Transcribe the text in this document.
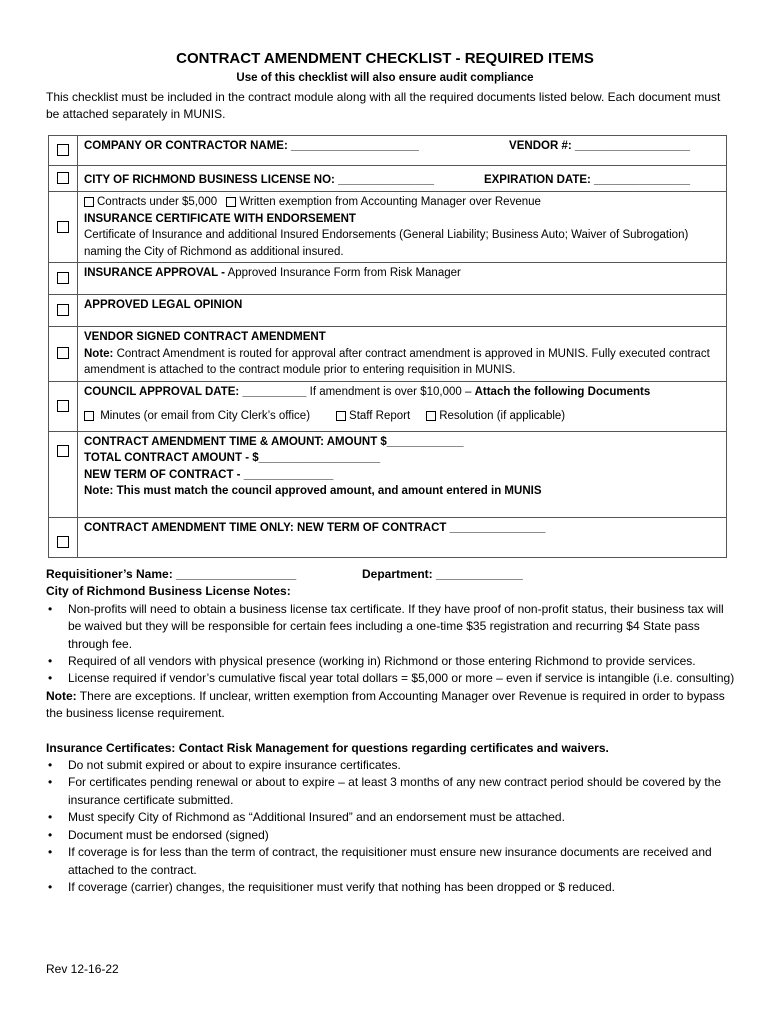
CONTRACT AMENDMENT CHECKLIST - REQUIRED ITEMS
Use of this checklist will also ensure audit compliance
This checklist must be included in the contract module along with all the required documents listed below. Each document must be attached separately in MUNIS.

	COMPANY OR CONTRACTOR NAME: ____________________ VENDOR #: __________________

	CITY OF RICHMOND BUSINESS LICENSE NO: _______________ EXPIRATION DATE: _______________

	Contracts under $5,000 Written exemption from Accounting Manager over Revenue
INSURANCE CERTIFICATE WITH ENDORSEMENT
Certificate of Insurance and additional Insured Endorsements (General Liability; Business Auto; Waiver of Subrogation) naming the City of Richmond as additional insured.

	INSURANCE APPROVAL - Approved Insurance Form from Risk Manager
	APPROVED LEGAL OPINION

	VENDOR SIGNED CONTRACT AMENDMENT
Note: Contract Amendment is routed for approval after contract amendment is approved in MUNIS. Fully executed contract amendment is attached to the contract module prior to entering requisition in MUNIS.

	COUNCIL APPROVAL DATE: __________ If amendment is over $10,000 – Attach the following Documents
Minutes (or email from City Clerk’s office) Staff Report Resolution (if applicable)

	CONTRACT AMENDMENT TIME & AMOUNT: AMOUNT $____________
TOTAL CONTRACT AMOUNT - $___________________
NEW TERM OF CONTRACT - ______________
Note: This must match the council approved amount, and amount entered in MUNIS

	CONTRACT AMENDMENT TIME ONLY: NEW TERM OF CONTRACT _______________
Requisitioner’s Name: __________________	Department: _____________
City of Richmond Business License Notes:
• Non-profits will need to obtain a business license tax certificate. If they have proof of non-profit status, their business tax will be waived but they will be responsible for certain fees including a one-time $35 registration and recurring $4 State pass through fee.
• Required of all vendors with physical presence (working in) Richmond or those entering Richmond to provide services.
• License required if vendor’s cumulative fiscal year total dollars = $5,000 or more – even if service is intangible (i.e. consulting)
Note: There are exceptions. If unclear, written exemption from Accounting Manager over Revenue is required in order to bypass the business license requirement.
Insurance Certificates: Contact Risk Management for questions regarding certificates and waivers.
• Do not submit expired or about to expire insurance certificates.
• For certificates pending renewal or about to expire – at least 3 months of any new contract period should be covered by the insurance certificate submitted.
• Must specify City of Richmond as “Additional Insured” and an endorsement must be attached.
• Document must be endorsed (signed)
• If coverage is for less than the term of contract, the requisitioner must ensure new insurance documents are received and attached to the contract.
• If coverage (carrier) changes, the requisitioner must verify that nothing has been dropped or $ reduced.
Rev 12-16-22
